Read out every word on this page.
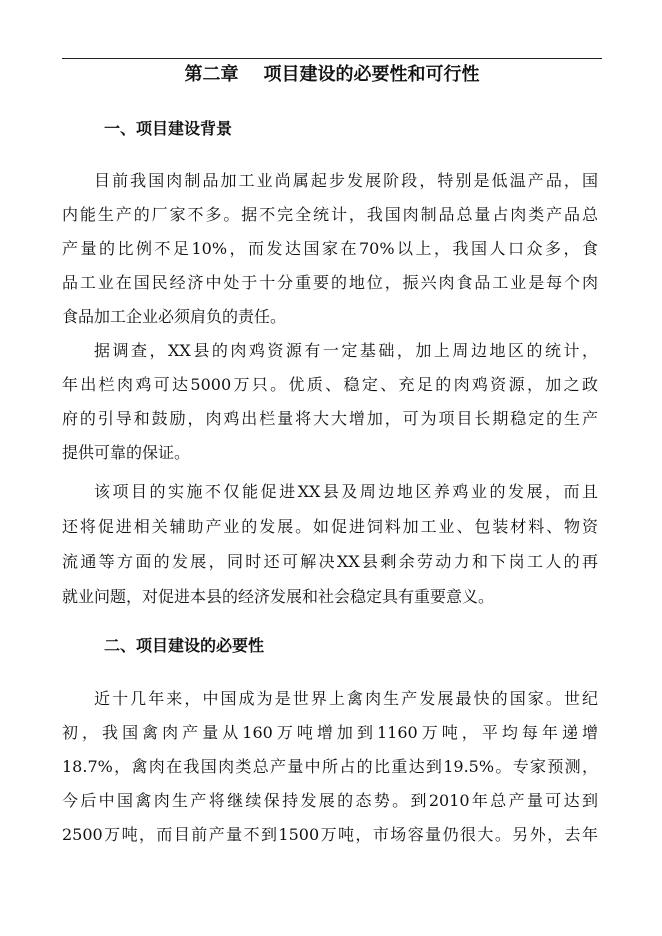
第二章    项目建设的必要性和可行性
一、项目建设背景
目前我国肉制品加工业尚属起步发展阶段，特别是低温产品，国
内能生产的厂家不多。据不完全统计，我国肉制品总量占肉类产品总
产量的比例不足10%，而发达国家在70%以上，我国人口众多，食
品工业在国民经济中处于十分重要的地位，振兴肉食品工业是每个肉
食品加工企业必须肩负的责任。
据调查，XX县的肉鸡资源有一定基础，加上周边地区的统计，
年出栏肉鸡可达5000万只。优质、稳定、充足的肉鸡资源，加之政
府的引导和鼓励，肉鸡出栏量将大大增加，可为项目长期稳定的生产
提供可靠的保证。
该项目的实施不仅能促进XX县及周边地区养鸡业的发展，而且
还将促进相关辅助产业的发展。如促进饲料加工业、包装材料、物资
流通等方面的发展，同时还可解决XX县剩余劳动力和下岗工人的再
就业问题，对促进本县的经济发展和社会稳定具有重要意义。
二、项目建设的必要性
近十几年来，中国成为是世界上禽肉生产发展最快的国家。世纪
初，我国禽肉产量从160万吨增加到1160万吨，平均每年递增
18.7%，禽肉在我国肉类总产量中所占的比重达到19.5%。专家预测，
今后中国禽肉生产将继续保持发展的态势。到2010年总产量可达到
2500万吨，而目前产量不到1500万吨，市场容量仍很大。另外，去年
